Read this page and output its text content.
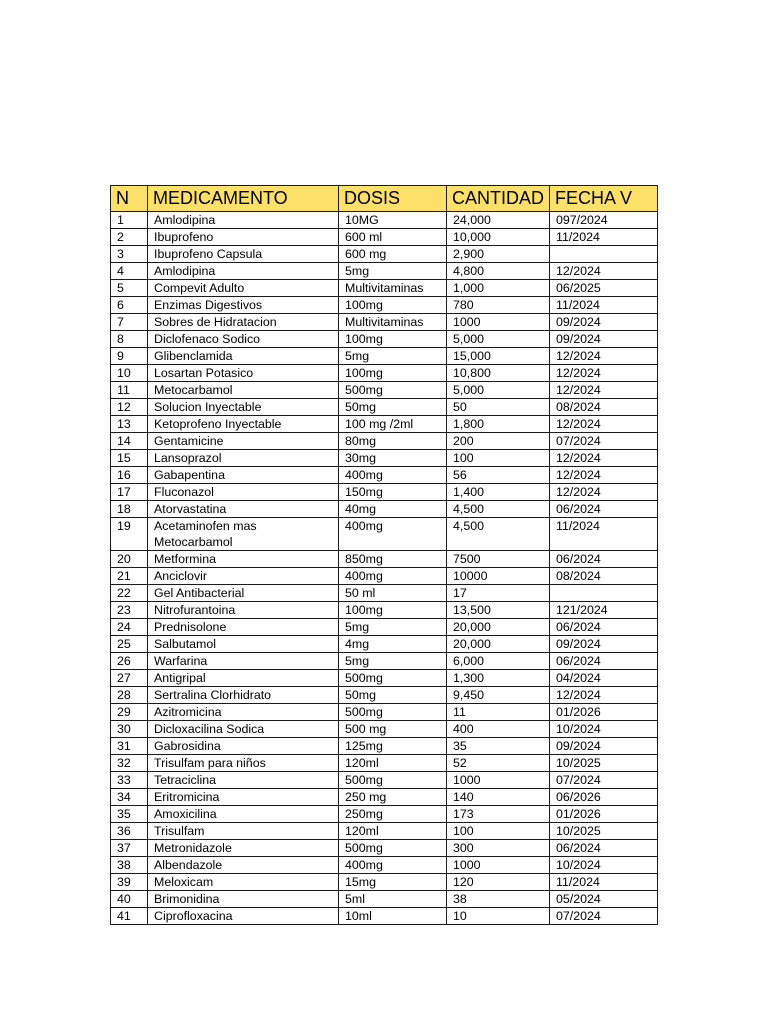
N	MEDICAMENTO	DOSIS	CANTIDAD	FECHA V
1	Amlodipina	10MG	24,000	097/2024
2	Ibuprofeno	600 ml	10,000	11/2024
3	Ibuprofeno Capsula	600 mg	2,900	
4	Amlodipina	5mg	4,800	12/2024
5	Compevit Adulto	Multivitaminas	1,000	06/2025
6	Enzimas Digestivos	100mg	780	11/2024
7	Sobres de Hidratacion	Multivitaminas	1000	09/2024
8	Diclofenaco Sodico	100mg	5,000	09/2024
9	Glibenclamida	5mg	15,000	12/2024
10	Losartan Potasico	100mg	10,800	12/2024
11	Metocarbamol	500mg	5,000	12/2024
12	Solucion Inyectable	50mg	50	08/2024
13	Ketoprofeno Inyectable	100 mg /2ml	1,800	12/2024
14	Gentamicine	80mg	200	07/2024
15	Lansoprazol	30mg	100	12/2024
16	Gabapentina	400mg	56	12/2024
17	Fluconazol	150mg	1,400	12/2024
18	Atorvastatina	40mg	4,500	06/2024
19	Acetaminofen mas Metocarbamol	400mg	4,500	11/2024
20	Metformina	850mg	7500	06/2024
21	Anciclovir	400mg	10000	08/2024
22	Gel Antibacterial	50 ml	17	
23	Nitrofurantoina	100mg	13,500	121/2024
24	Prednisolone	5mg	20,000	06/2024
25	Salbutamol	4mg	20,000	09/2024
26	Warfarina	5mg	6,000	06/2024
27	Antigripal	500mg	1,300	04/2024
28	Sertralina Clorhidrato	50mg	9,450	12/2024
29	Azitromicina	500mg	11	01/2026
30	Dicloxacilina Sodica	500 mg	400	10/2024
31	Gabrosidina	125mg	35	09/2024
32	Trisulfam para niños	120ml	52	10/2025
33	Tetraciclina	500mg	1000	07/2024
34	Eritromicina	250 mg	140	06/2026
35	Amoxicilina	250mg	173	01/2026
36	Trisulfam	120ml	100	10/2025
37	Metronidazole	500mg	300	06/2024
38	Albendazole	400mg	1000	10/2024
39	Meloxicam	15mg	120	11/2024
40	Brimonidina	5ml	38	05/2024
41	Ciprofloxacina	10ml	10	07/2024
